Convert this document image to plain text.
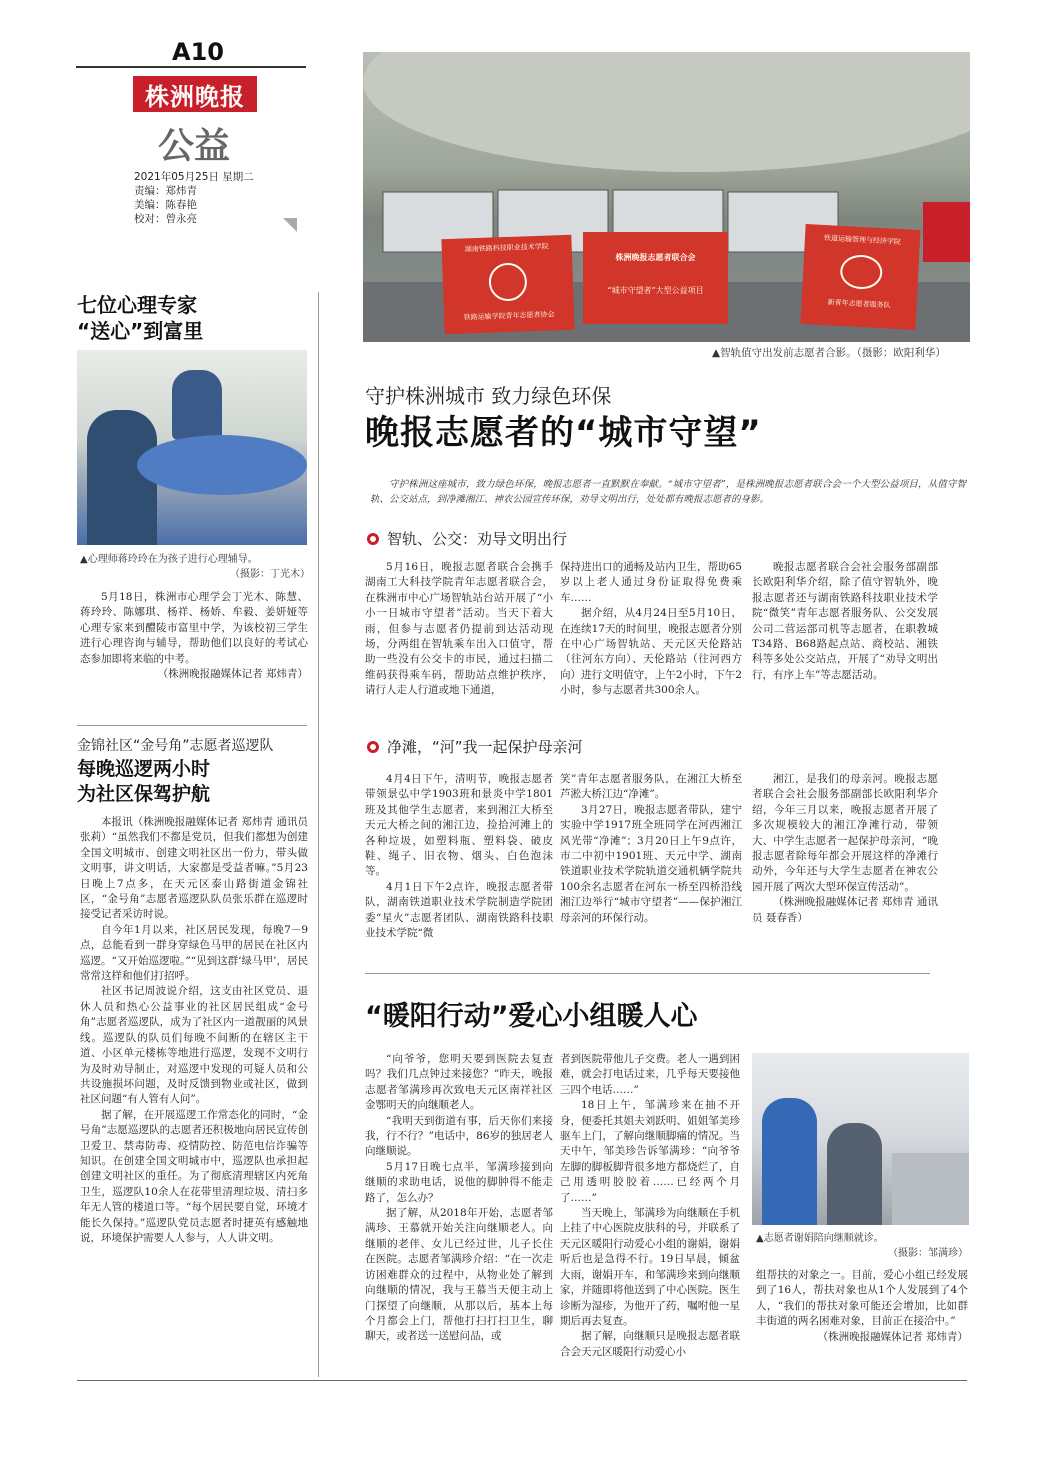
A10
株洲晚报
公益
2021年05月25日 星期二
责编：郑炜青
美编：陈春艳
校对：曾永亮
湖南铁路科技职业技术学院
铁路运输学院青年志愿者协会
株洲晚报志愿者联合会
“城市守望者”大型公益项目
铁道运输管理与经济学院
新青年志愿者服务队
▲智轨值守出发前志愿者合影。（摄影：欧阳利华）
守护株洲城市 致力绿色环保
晚报志愿者的“城市守望”
守护株洲这座城市，致力绿色环保，晚报志愿者一直默默在奉献。“城市守望者”，是株洲晚报志愿者联合会一个大型公益项目，从值守智轨、公交站点，到净滩湘江、神农公园宣传环保，劝导文明出行，处处都有晚报志愿者的身影。
智轨、公交：劝导文明出行

5月16日，晚报志愿者联合会携手湖南工大科技学院青年志愿者联合会，在株洲市中心广场智轨站台站开展了“小小一日城市守望者”活动。当天下着大雨，但参与志愿者仍提前到达活动现场，分两组在智轨乘车出入口值守，帮助一些没有公交卡的市民，通过扫描二维码获得乘车码，帮助站点维护秩序，请行人走人行道或地下通道，

保持进出口的通畅及站内卫生，帮助65岁以上老人通过身份证取得免费乘车……

据介绍，从4月24日至5月10日，在连续17天的时间里，晚报志愿者分别在中心广场智轨站、天元区天伦路站（往河东方向）、天伦路站（往河西方向）进行文明值守，上午2小时，下午2小时，参与志愿者共300余人。

晚报志愿者联合会社会服务部副部长欧阳利华介绍，除了值守智轨外，晚报志愿者还与湖南铁路科技职业技术学院“微笑”青年志愿者服务队、公交发展公司二营运部司机等志愿者，在职教城T34路、B68路起点站、商校站、湘铁科等多处公交站点，开展了“劝导文明出行，有序上车”等志愿活动。

净滩，“河”我一起保护母亲河

4月4日下午，清明节，晚报志愿者带领景弘中学1903班和景炎中学1801班及其他学生志愿者，来到湘江大桥至天元大桥之间的湘江边，捡拾河滩上的各种垃圾，如塑料瓶、塑料袋、破皮鞋、绳子、旧衣物、烟头、白色泡沫等。

4月1日下午2点许，晚报志愿者带队，湖南铁道职业技术学院制造学院团委“星火”志愿者团队、湖南铁路科技职业技术学院“微

笑”青年志愿者服务队，在湘江大桥至芦淞大桥江边“净滩”。

3月27日，晚报志愿者带队，建宁实验中学1917班全班同学在河西湘江风光带“净滩”；3月20日上午9点许，市二中初中1901班、天元中学、湖南铁道职业技术学院轨道交通机辆学院共100余名志愿者在河东一桥至四桥沿线湘江边举行“城市守望者”——保护湘江母亲河的环保行动。

湘江，是我们的母亲河。晚报志愿者联合会社会服务部副部长欧阳利华介绍，今年三月以来，晚报志愿者开展了多次规模较大的湘江净滩行动，带领大、中学生志愿者一起保护母亲河，“晚报志愿者除每年都会开展这样的净滩行动外，今年还与大学生志愿者在神农公园开展了两次大型环保宣传活动”。

（株洲晚报融媒体记者 郑炜青 通讯员 聂春香）

七位心理专家
“送心”到富里
▲心理师蒋玲玲在为孩子进行心理辅导。
（摄影：丁光木）

5月18日，株洲市心理学会丁光木、陈慧、蒋玲玲、陈娜琪、杨祥、杨娇、牟毅、姜妍娅等心理专家来到醴陵市富里中学，为该校初三学生进行心理咨询与辅导，帮助他们以良好的考试心态参加即将来临的中考。

（株洲晚报融媒体记者 郑炜青）

金锦社区“金号角”志愿者巡逻队
每晚巡逻两小时
为社区保驾护航

本报讯（株洲晚报融媒体记者 郑炜青 通讯员 张莉）“虽然我们不都是党员，但我们都想为创建全国文明城市、创建文明社区出一份力，带头做文明事，讲文明话，大家都是受益者嘛。”5月23日晚上7点多，在天元区泰山路街道金锦社区，“金号角”志愿者巡逻队队员张乐群在巡逻时接受记者采访时说。

自今年1月以来，社区居民发现，每晚7－9点，总能看到一群身穿绿色马甲的居民在社区内巡逻。“又开始巡逻啦。”“见到这群‘绿马甲’，居民常常这样和他们打招呼。

社区书记周波说介绍，这支由社区党员、退休人员和热心公益事业的社区居民组成“金号角”志愿者巡逻队，成为了社区内一道靓丽的风景线。巡逻队的队员们每晚不间断的在辖区主干道、小区单元楼栋等地进行巡逻，发现不文明行为及时劝导制止，对巡逻中发现的可疑人员和公共设施损坏问题，及时反馈到物业或社区，做到社区问题“有人管有人问”。

据了解，在开展巡逻工作常态化的同时，“金号角”志愿巡逻队的志愿者还积极地向居民宣传创卫爱卫、禁毒防毒、疫情防控、防范电信诈骗等知识。在创建全国文明城市中，巡逻队也承担起创建文明社区的重任。为了彻底清理辖区内死角卫生，巡逻队10余人在花带里清理垃圾、清扫多年无人管的楼道口等。“每个居民要自觉，环境才能长久保持。”巡逻队党员志愿者时捷英有感触地说，环境保护需要人人参与，人人讲文明。

“暖阳行动”爱心小组暖人心

“向爷爷，您明天要到医院去复查吗？我们几点钟过来接您？”昨天，晚报志愿者邹满珍再次致电天元区南祥社区金鄂明天的向继顺老人。

“我明天到街道有事，后天你们来接我，行不行？”电话中，86岁的独居老人向继顺说。

5月17日晚七点半，邹满珍接到向继顺的求助电话，说他的脚肿得不能走路了，怎么办？

据了解，从2018年开始，志愿者邹满珍、王慕就开始关注向继顺老人。向继顺的老伴、女儿已经过世，儿子长住在医院。志愿者邹满珍介绍：“在一次走访困难群众的过程中，从物业处了解到向继顺的情况，我与王慕当天便主动上门探望了向继顺，从那以后，基本上每个月都会上门，帮他打扫打扫卫生，聊聊天，或者送一送慰问品，或

者到医院带他儿子交费。老人一遇到困难，就会打电话过来，几乎每天要接他三四个电话……”

18日上午，邹满珍来在抽不开身，便委托其姐夫刘跃明、姐姐邹美珍驱车上门，了解向继顺脚痛的情况。当天中午，邹美珍告诉邹满珍：“向爷爷左脚的脚板脚背很多地方都烧烂了，自己用透明胶胶着……已经两个月了……”

当天晚上，邹满珍为向继顺在手机上挂了中心医院皮肤科的号，并联系了天元区暖阳行动爱心小组的谢娟，谢娟听后也是急得不行。19日早晨，倾盆大雨，谢娟开车，和邹满珍来到向继顺家，并随即将他送到了中心医院。医生诊断为湿疹，为他开了药，嘱咐他一星期后再去复查。

据了解，向继顺只是晚报志愿者联合会天元区暖阳行动爱心小

▲志愿者谢娟陪向继顺就诊。
（摄影：邹满珍）

组帮扶的对象之一。目前，爱心小组已经发展到了16人，帮扶对象也从1个人发展到了4个人，“我们的帮扶对象可能还会增加，比如群丰街道的两名困难对象，目前正在接洽中。”

（株洲晚报融媒体记者 郑炜青）
